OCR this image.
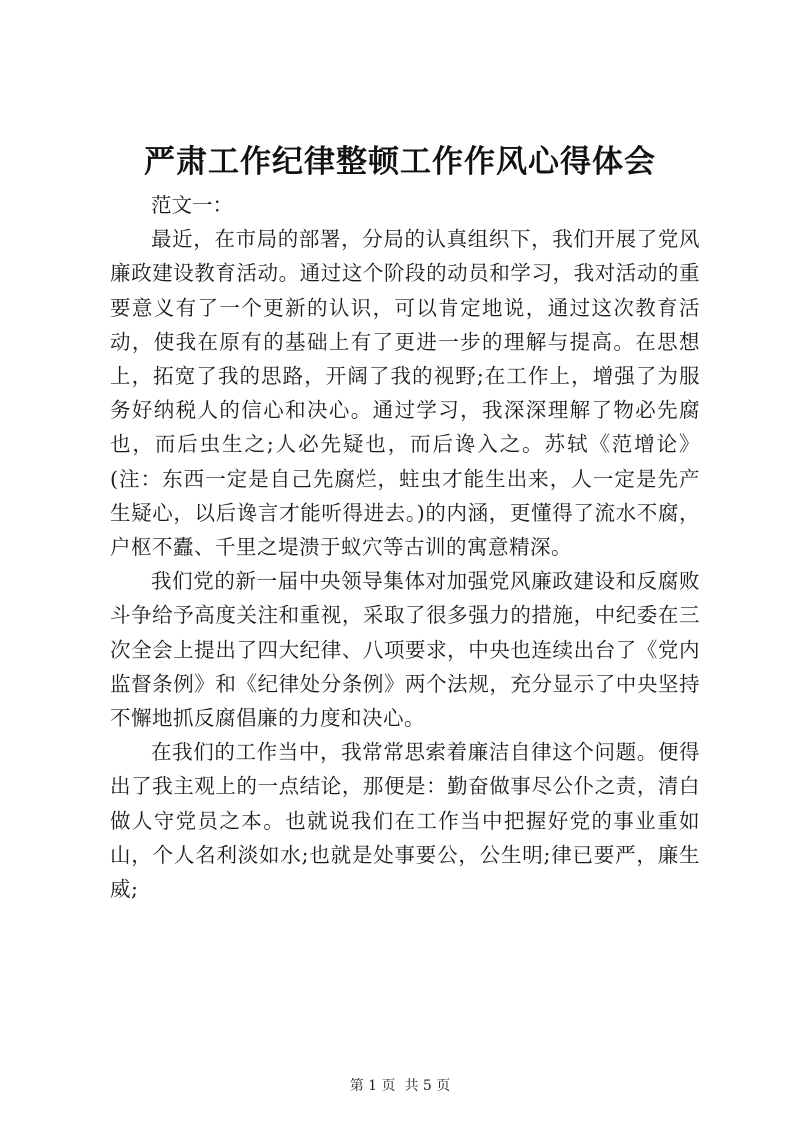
严肃工作纪律整顿工作作风心得体会

范文一：

最近，在市局的部署，分局的认真组织下，我们开展了党风廉政建设教育活动。通过这个阶段的动员和学习，我对活动的重要意义有了一个更新的认识，可以肯定地说，通过这次教育活动，使我在原有的基础上有了更进一步的理解与提高。在思想上，拓宽了我的思路，开阔了我的视野;在工作上，增强了为服务好纳税人的信心和决心。通过学习，我深深理解了物必先腐也，而后虫生之;人必先疑也，而后谗入之。苏轼《范增论》(注：东西一定是自己先腐烂，蛀虫才能生出来，人一定是先产生疑心，以后谗言才能听得进去。)的内涵，更懂得了流水不腐，户枢不蠹、千里之堤溃于蚁穴等古训的寓意精深。

我们党的新一届中央领导集体对加强党风廉政建设和反腐败斗争给予高度关注和重视，采取了很多强力的措施，中纪委在三次全会上提出了四大纪律、八项要求，中央也连续出台了《党内监督条例》和《纪律处分条例》两个法规，充分显示了中央坚持不懈地抓反腐倡廉的力度和决心。

在我们的工作当中，我常常思索着廉洁自律这个问题。便得出了我主观上的一点结论，那便是：勤奋做事尽公仆之责，清白做人守党员之本。也就说我们在工作当中把握好党的事业重如山，个人名利淡如水;也就是处事要公，公生明;律已要严，廉生威;

第 1 页  共 5 页
